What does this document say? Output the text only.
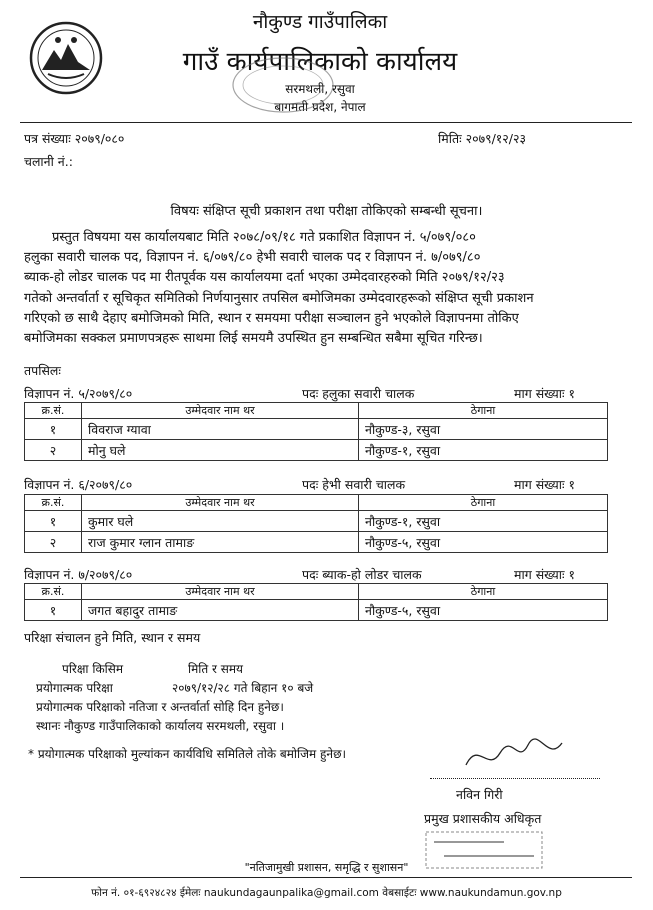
नौकुण्ड गाउँपालिका
गाउँ कार्यपालिकाको कार्यालय
सरमथली, रसुवा
बागमती प्रदेश, नेपाल
पत्र संख्याः २०७९/०८०	मितिः २०७९/१२/२३
चलानी नं.:
विषयः संक्षिप्त सूची प्रकाशन तथा परीक्षा तोकिएको सम्बन्धी सूचना।
प्रस्तुत विषयमा यस कार्यालयबाट मिति २०७८/०९/१८ गते प्रकाशित विज्ञापन नं. ५/०७९/०८०
हलुका सवारी चालक पद, विज्ञापन नं. ६/०७९/८० हेभी सवारी चालक पद र विज्ञापन नं. ७/०७९/८०
ब्याक-हो लोडर चालक पद मा रीतपूर्वक यस कार्यालयमा दर्ता भएका उम्मेदवारहरुको मिति २०७९/१२/२३
गतेको अन्तर्वार्ता र सूचिकृत समितिको निर्णयानुसार तपसिल बमोजिमका उम्मेदवारहरूको संक्षिप्त सूची प्रकाशन
गरिएको छ साथै देहाए बमोजिमको मिति, स्थान र समयमा परीक्षा सञ्चालन हुने भएकोले विज्ञापनमा तोकिए
बमोजिमका सक्कल प्रमाणपत्रहरू साथमा लिई समयमै उपस्थित हुन सम्बन्धित सबैमा सूचित गरिन्छ।
तपसिलः
विज्ञापन नं. ५/२०७९/८०	पदः हलुका सवारी चालक	माग संख्याः १
क्र.सं.	उम्मेदवार नाम थर	ठेगाना
१	विवराज ग्यावा	नौकुण्ड-३, रसुवा
२	मोनु घले	नौकुण्ड-१, रसुवा
विज्ञापन नं. ६/२०७९/८०	पदः हेभी सवारी चालक	माग संख्याः १
क्र.सं.	उम्मेदवार नाम थर	ठेगाना
१	कुमार घले	नौकुण्ड-१, रसुवा
२	राज कुमार ग्लान तामाङ	नौकुण्ड-५, रसुवा
विज्ञापन नं. ७/२०७९/८०	पदः ब्याक-हो लोडर चालक	माग संख्याः १
क्र.सं.	उम्मेदवार नाम थर	ठेगाना
१	जगत बहादुर तामाङ	नौकुण्ड-५, रसुवा
परिक्षा संचालन हुने मिति, स्थान र समय
परिक्षा किसिम	मिति र समय
प्रयोगात्मक परिक्षा	२०७९/१२/२८ गते बिहान १० बजे
प्रयोगात्मक परिक्षाको नतिजा र अन्तर्वार्ता सोहि दिन हुनेछ।
स्थानः नौकुण्ड गाउँपालिकाको कार्यालय सरमथली, रसुवा ।
* प्रयोगात्मक परिक्षाको मुल्यांकन कार्यविधि समितिले तोके बमोजिम हुनेछ।
नविन गिरी
प्रमुख प्रशासकीय अधिकृत
"नतिजामुखी प्रशासन, समृद्धि र सुशासन"
फोन नं. ०१-६९२४८२४ ईमेलः naukundagaunpalika@gmail.com वेबसाईटः www.naukundamun.gov.np
